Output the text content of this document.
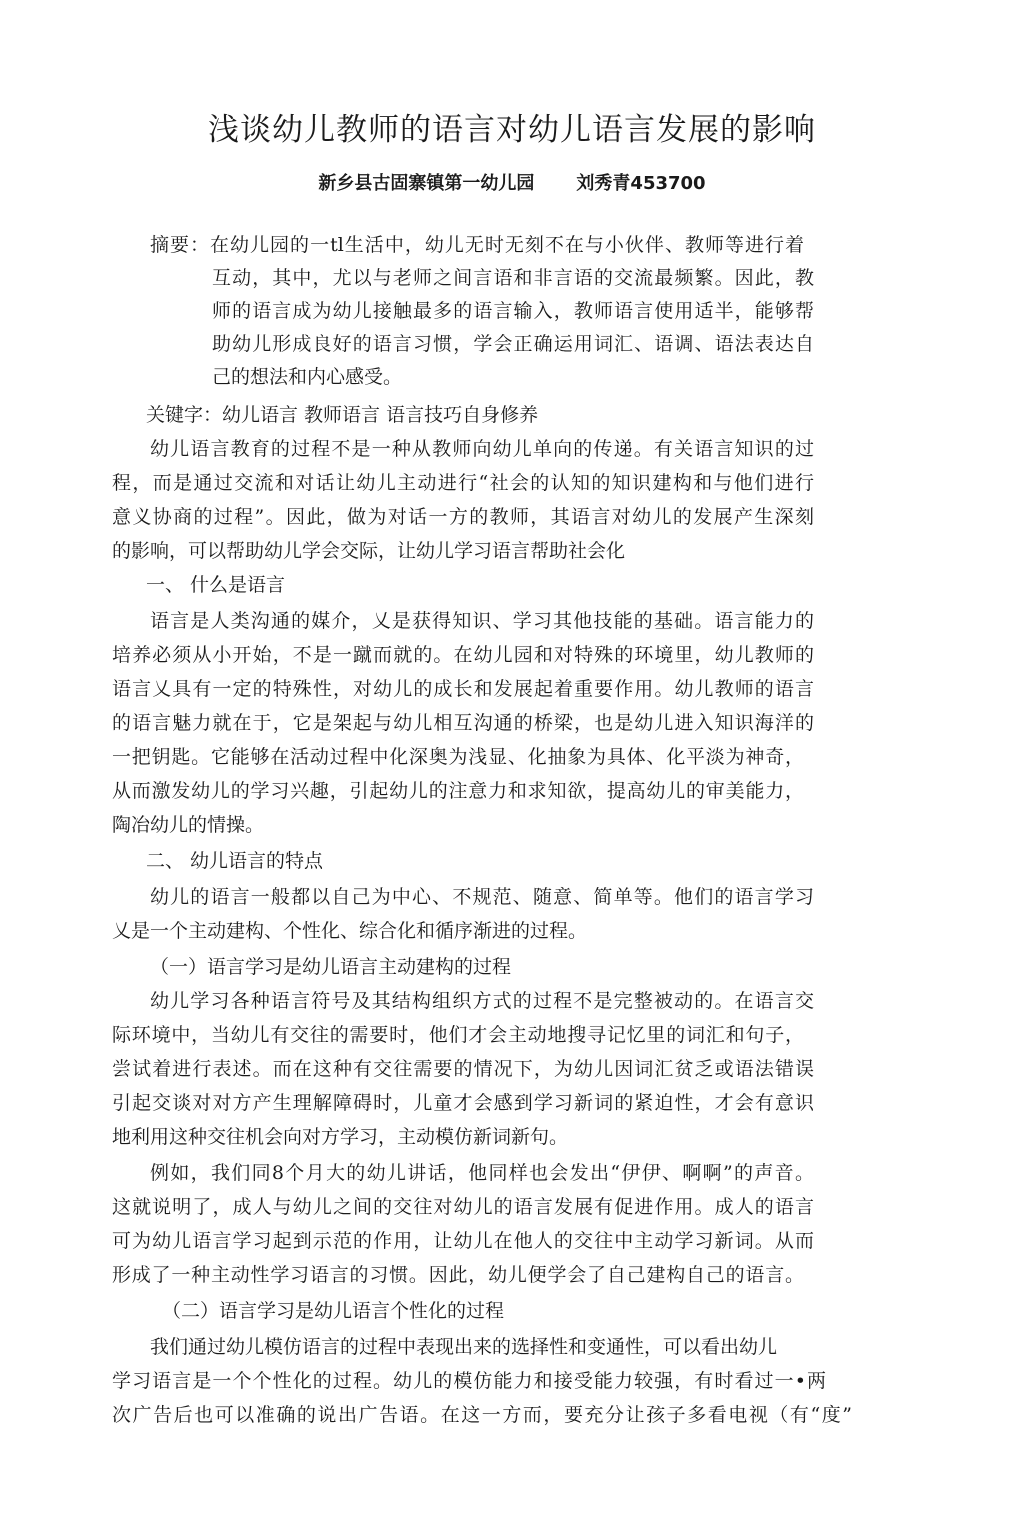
浅谈幼儿教师的语言对幼儿语言发展的影响
新乡县古固寨镇第一幼儿园 刘秀青453700
摘要：在幼儿园的一tl生活中，幼儿无时无刻不在与小伙伴、教师等进行着
互动，其中，尤以与老师之间言语和非言语的交流最频繁。因此，教
师的语言成为幼儿接触最多的语言输入，教师语言使用适半，能够帮
助幼儿形成良好的语言习惯，学会正确运用词汇、语调、语法表达自
己的想法和内心感受。
关键字：幼儿语言 教师语言 语言技巧自身修养
幼儿语言教育的过程不是一种从教师向幼儿单向的传递。有关语言知识的过
程，而是通过交流和对话让幼儿主动进行“社会的认知的知识建构和与他们进行
意义协商的过程”。因此，做为对话一方的教师，其语言对幼儿的发展产生深刻
的影响，可以帮助幼儿学会交际，让幼儿学习语言帮助社会化
一、 什么是语言
语言是人类沟通的媒介，乂是获得知识、学习其他技能的基础。语言能力的
培养必须从小开始，不是一蹴而就的。在幼儿园和对特殊的环境里，幼儿教师的
语言乂具有一定的特殊性，对幼儿的成长和发展起着重要作用。幼儿教师的语言
的语言魅力就在于，它是架起与幼儿相互沟通的桥梁，也是幼儿进入知识海洋的
一把钥匙。它能够在活动过程中化深奥为浅显、化抽象为具体、化平淡为神奇，
从而激发幼儿的学习兴趣，引起幼儿的注意力和求知欲，提高幼儿的审美能力，
陶冶幼儿的情操。
二、 幼儿语言的特点
幼儿的语言一般都以自己为中心、不规范、随意、简单等。他们的语言学习
乂是一个主动建构、个性化、综合化和循序渐进的过程。
（一）语言学习是幼儿语言主动建构的过程
幼儿学习各种语言符号及其结构组织方式的过程不是完整被动的。在语言交
际环境中，当幼儿有交往的需要时，他们才会主动地搜寻记忆里的词汇和句子，
尝试着进行表述。而在这种有交往需要的情况下，为幼儿因词汇贫乏或语法错误
引起交谈对对方产生理解障碍时，儿童才会感到学习新词的紧迫性，才会有意识
地利用这种交往机会向对方学习，主动模仿新词新句。
例如，我们同8个月大的幼儿讲话，他同样也会发出“伊伊、啊啊”的声音。
这就说明了，成人与幼儿之间的交往对幼儿的语言发展有促进作用。成人的语言
可为幼儿语言学习起到示范的作用，让幼儿在他人的交往中主动学习新词。从而
形成了一种主动性学习语言的习惯。因此，幼儿便学会了自己建构自己的语言。
（二）语言学习是幼儿语言个性化的过程
我们通过幼儿模仿语言的过程中表现出来的选择性和变通性，可以看出幼儿
学习语言是一个个性化的过程。幼儿的模仿能力和接受能力较强，有时看过一•两
次广告后也可以准确的说出广告语。在这一方而，要充分让孩子多看电视（有“度”
